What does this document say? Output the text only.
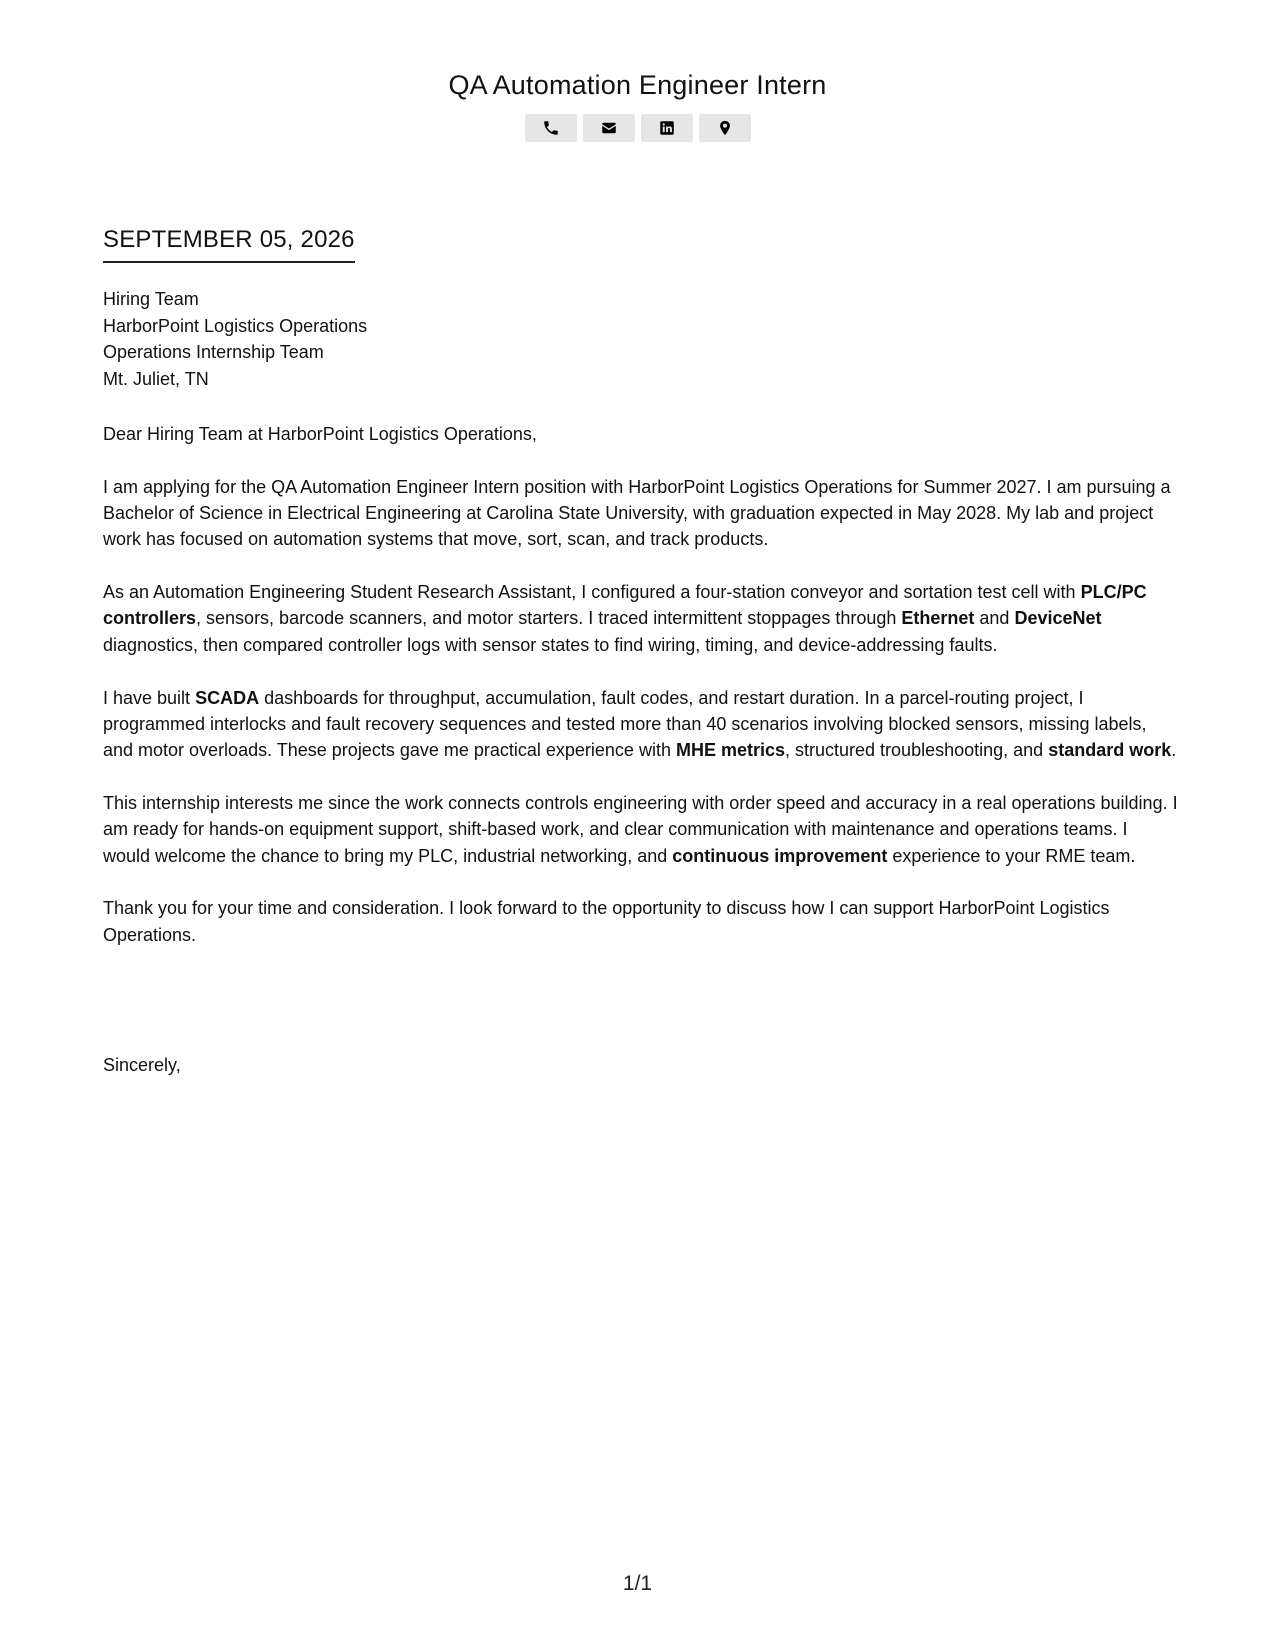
QA Automation Engineer Intern
SEPTEMBER 05, 2026
Hiring Team
HarborPoint Logistics Operations
Operations Internship Team
Mt. Juliet, TN

Dear Hiring Team at HarborPoint Logistics Operations,

I am applying for the QA Automation Engineer Intern position with HarborPoint Logistics Operations for Summer 2027. I am pursuing a Bachelor of Science in Electrical Engineering at Carolina State University, with graduation expected in May 2028. My lab and project work has focused on automation systems that move, sort, scan, and track products.

As an Automation Engineering Student Research Assistant, I configured a four-station conveyor and sortation test cell with PLC/PC controllers, sensors, barcode scanners, and motor starters. I traced intermittent stoppages through Ethernet and DeviceNet diagnostics, then compared controller logs with sensor states to find wiring, timing, and device-addressing faults.

I have built SCADA dashboards for throughput, accumulation, fault codes, and restart duration. In a parcel-routing project, I programmed interlocks and fault recovery sequences and tested more than 40 scenarios involving blocked sensors, missing labels, and motor overloads. These projects gave me practical experience with MHE metrics, structured troubleshooting, and standard work.

This internship interests me since the work connects controls engineering with order speed and accuracy in a real operations building. I am ready for hands-on equipment support, shift-based work, and clear communication with maintenance and operations teams. I would welcome the chance to bring my PLC, industrial networking, and continuous improvement experience to your RME team.

Thank you for your time and consideration. I look forward to the opportunity to discuss how I can support HarborPoint Logistics Operations.

Sincerely,
1/1
